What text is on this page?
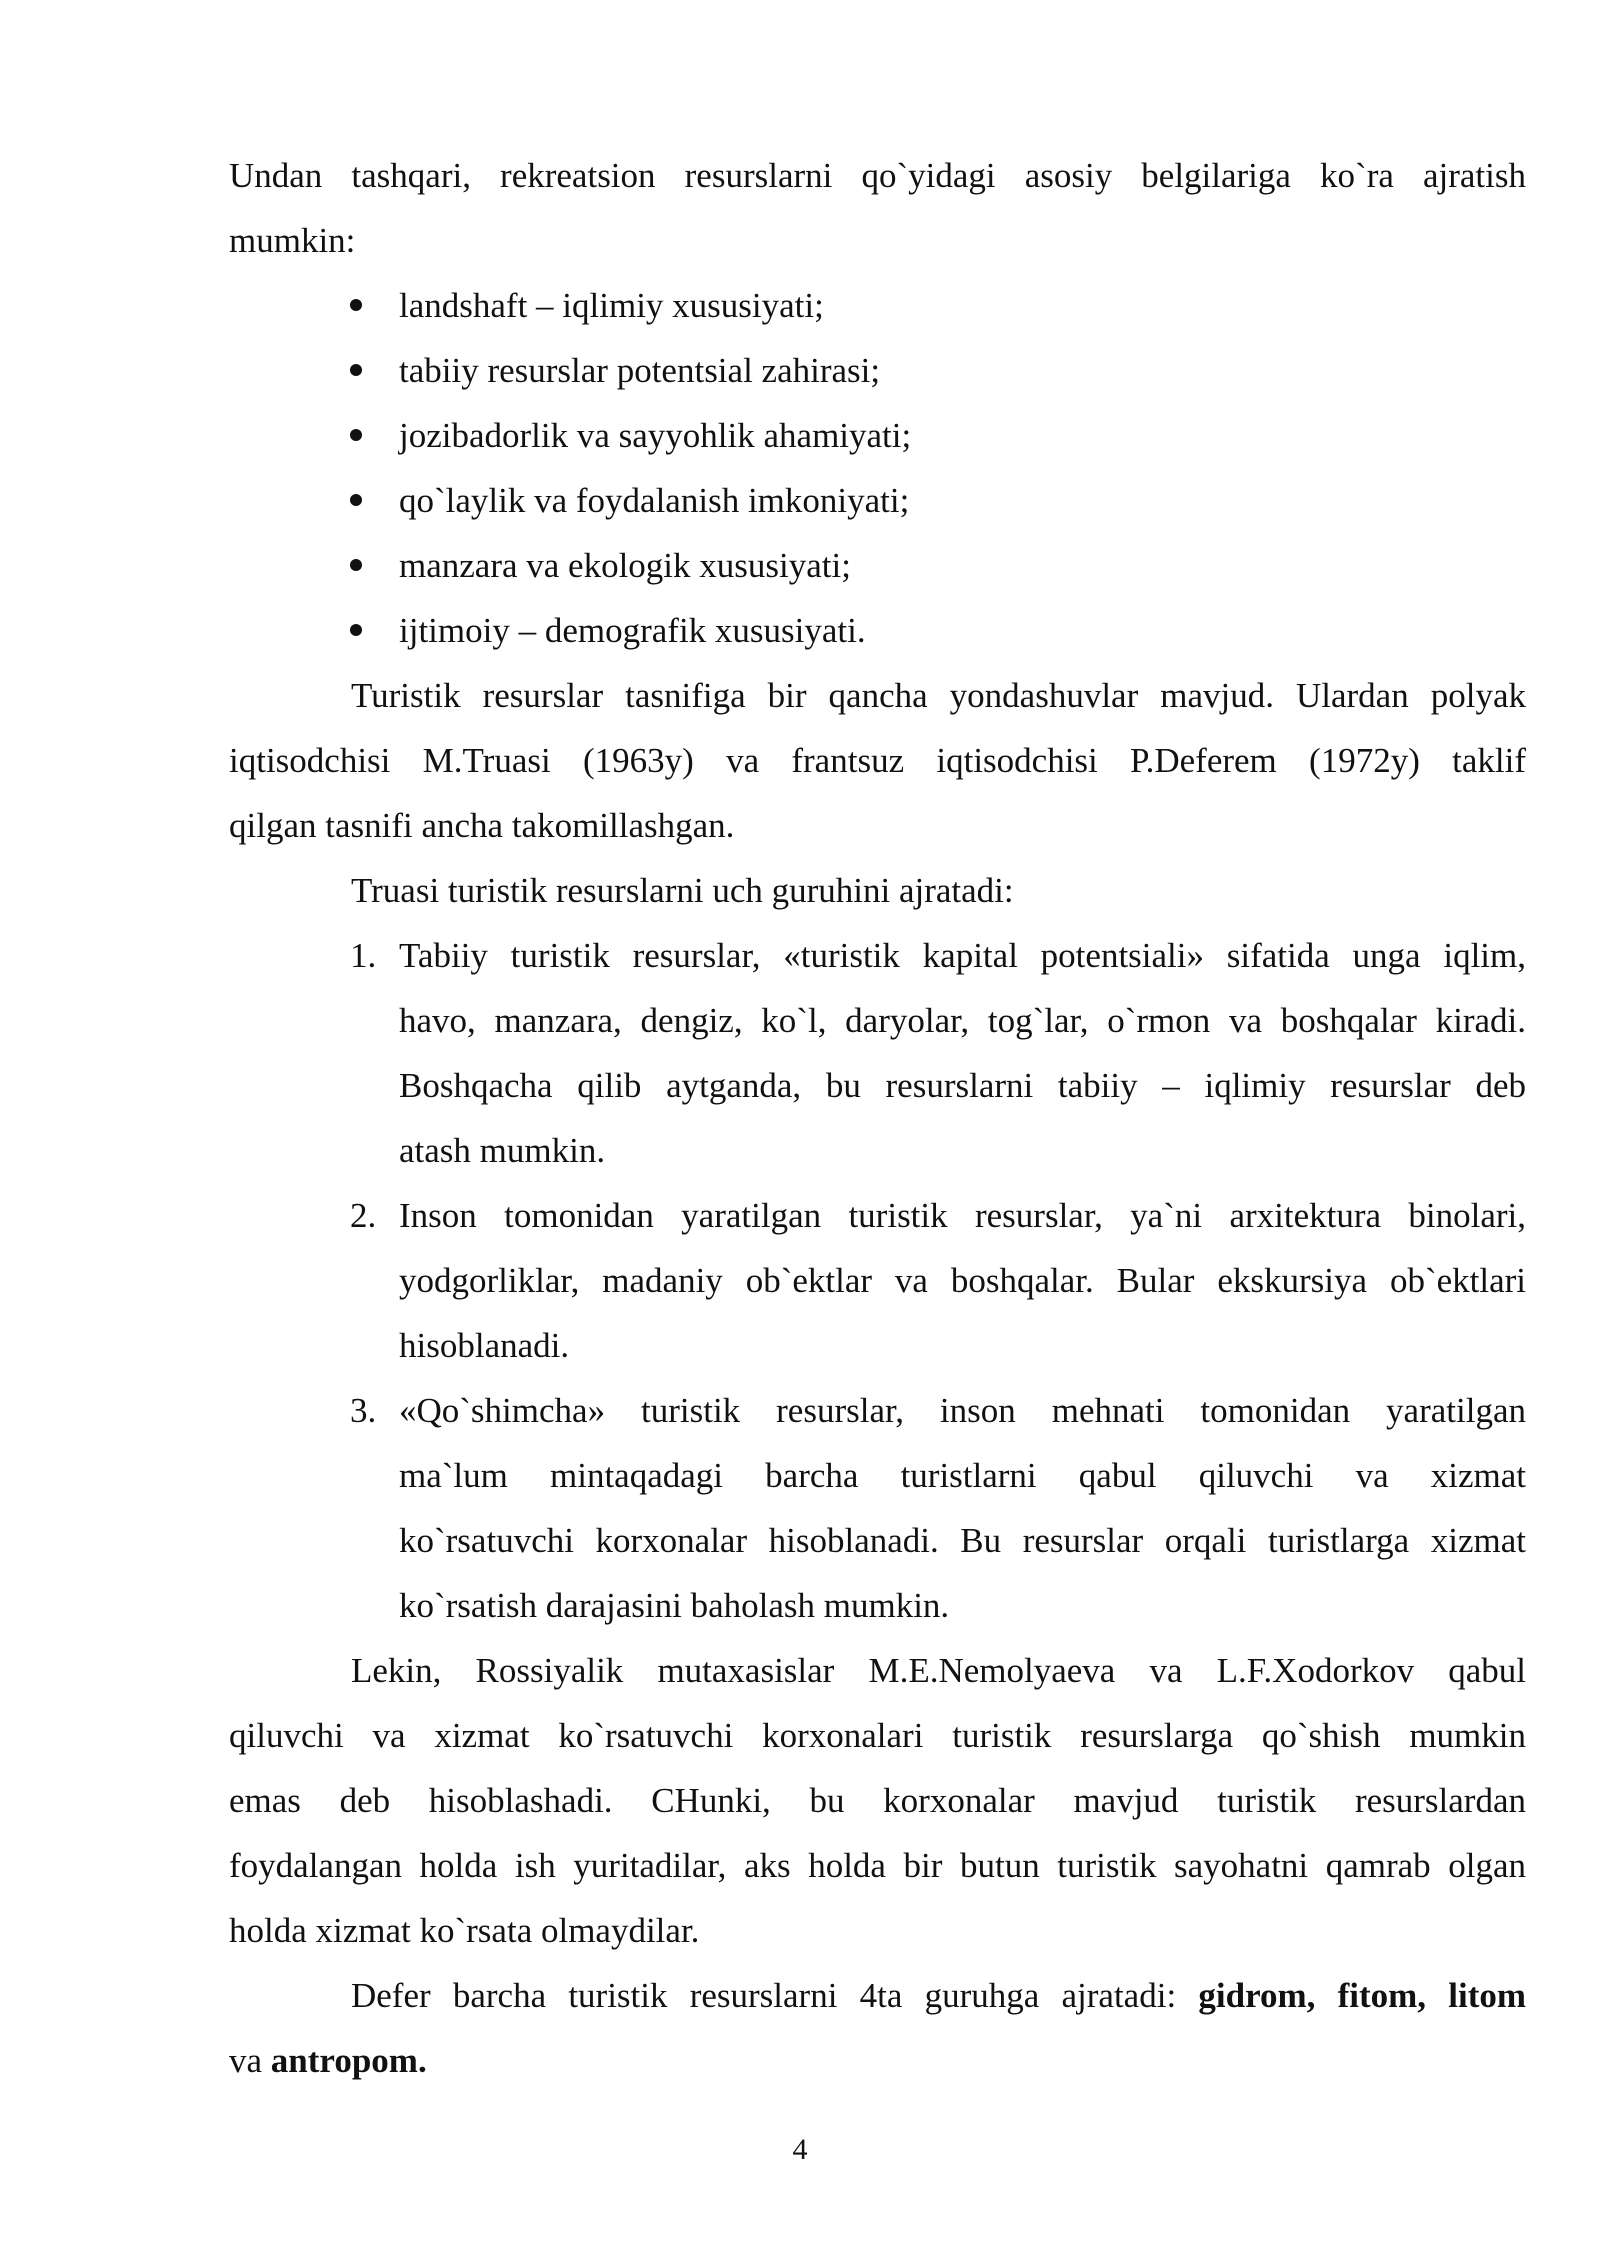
Undan tashqari, rekreatsion resurslarni qo`yidagi asosiy belgilariga ko`ra ajratish
mumkin:
landshaft – iqlimiy xususiyati;
tabiiy resurslar potentsial zahirasi;
jozibadorlik va sayyohlik ahamiyati;
qo`laylik va foydalanish imkoniyati;
manzara va ekologik xususiyati;
ijtimoiy – demografik xususiyati.
Turistik resurslar tasnifiga bir qancha yondashuvlar mavjud. Ulardan polyak
iqtisodchisi M.Truasi (1963y) va frantsuz iqtisodchisi P.Deferem (1972y) taklif
qilgan tasnifi ancha takomillashgan.
Truasi turistik resurslarni uch guruhini ajratadi:
1. Tabiiy turistik resurslar, «turistik kapital potentsiali» sifatida unga iqlim,
havo, manzara, dengiz, ko`l, daryolar, tog`lar, o`rmon va boshqalar kiradi.
Boshqacha qilib aytganda, bu resurslarni tabiiy – iqlimiy resurslar deb
atash mumkin.
2. Inson tomonidan yaratilgan turistik resurslar, ya`ni arxitektura binolari,
yodgorliklar, madaniy ob`ektlar va boshqalar. Bular ekskursiya ob`ektlari
hisoblanadi.
3. «Qo`shimcha» turistik resurslar, inson mehnati tomonidan yaratilgan
ma`lum mintaqadagi barcha turistlarni qabul qiluvchi va xizmat
ko`rsatuvchi korxonalar hisoblanadi. Bu resurslar orqali turistlarga xizmat
ko`rsatish darajasini baholash mumkin.
Lekin, Rossiyalik mutaxasislar M.E.Nemolyaeva va L.F.Xodorkov qabul
qiluvchi va xizmat ko`rsatuvchi korxonalari turistik resurslarga qo`shish mumkin
emas deb hisoblashadi. CHunki, bu korxonalar mavjud turistik resurslardan
foydalangan holda ish yuritadilar, aks holda bir butun turistik sayohatni qamrab olgan
holda xizmat ko`rsata olmaydilar.
Defer barcha turistik resurslarni 4ta guruhga ajratadi: gidrom, fitom, litom
va antropom.
4
